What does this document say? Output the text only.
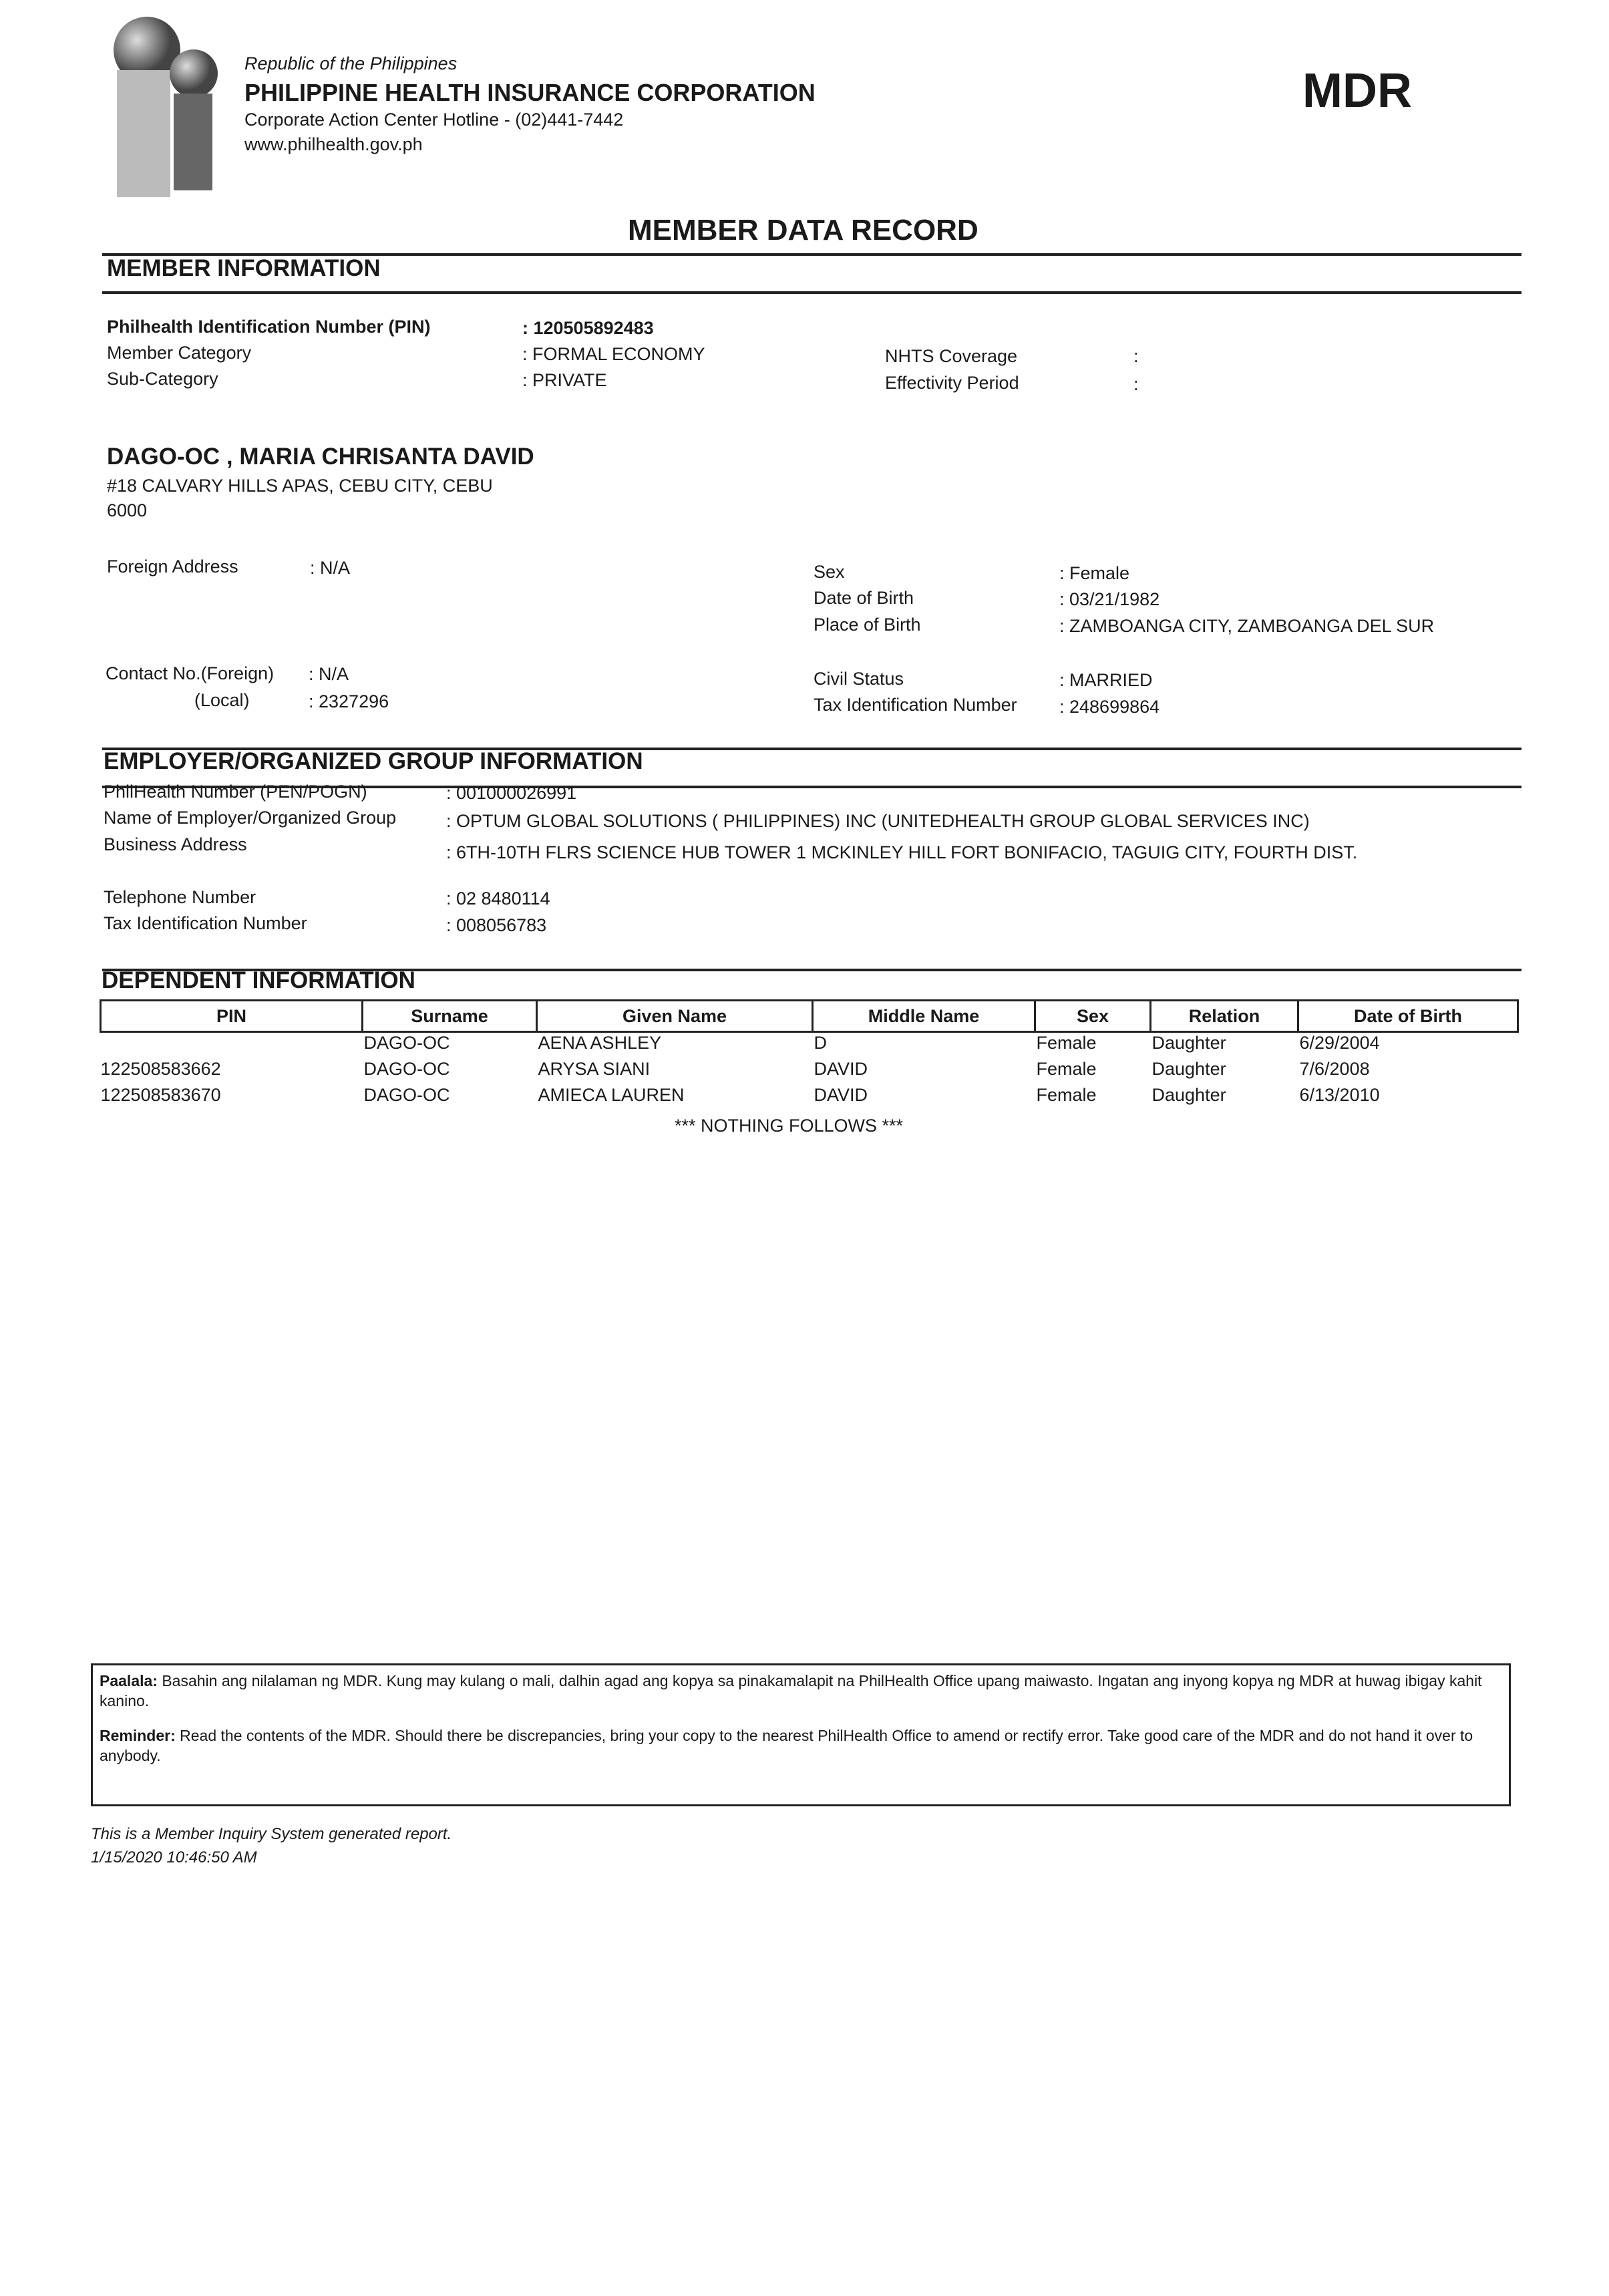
Republic of the Philippines
PHILIPPINE HEALTH INSURANCE CORPORATION
Corporate Action Center Hotline - (02)441-7442
www.philhealth.gov.ph
MDR
MEMBER DATA RECORD
MEMBER INFORMATION
Philhealth Identification Number (PIN)	: 120505892483
Member Category	: FORMAL ECONOMY
Sub-Category	: PRIVATE
NHTS Coverage	:
Effectivity Period	:
DAGO-OC , MARIA CHRISANTA DAVID
#18 CALVARY HILLS APAS, CEBU CITY, CEBU
6000
Foreign Address	: N/A	Sex	: Female
Date of Birth	: 03/21/1982
Place of Birth	: ZAMBOANGA CITY, ZAMBOANGA DEL SUR
Contact No.(Foreign) : N/A
(Local)	: 2327296
Civil Status	: MARRIED
Tax Identification Number : 248699864
EMPLOYER/ORGANIZED GROUP INFORMATION
PhilHealth Number (PEN/POGN)	: 001000026991
Name of Employer/Organized Group	: OPTUM GLOBAL SOLUTIONS ( PHILIPPINES) INC (UNITEDHEALTH GROUP GLOBAL SERVICES INC)
Business Address	: 6TH-10TH FLRS SCIENCE HUB TOWER 1 MCKINLEY HILL FORT BONIFACIO, TAGUIG CITY, FOURTH DIST.
Telephone Number	: 02 8480114
Tax Identification Number	: 008056783
DEPENDENT INFORMATION
PIN	Surname	Given Name	Middle Name	Sex	Relation	Date of Birth
	DAGO-OC	AENA ASHLEY	D	Female	Daughter	6/29/2004
122508583662	DAGO-OC	ARYSA SIANI	DAVID	Female	Daughter	7/6/2008
122508583670	DAGO-OC	AMIECA LAUREN	DAVID	Female	Daughter	6/13/2010
*** NOTHING FOLLOWS ***

Paalala: Basahin ang nilalaman ng MDR. Kung may kulang o mali, dalhin agad ang kopya sa pinakamalapit na PhilHealth Office upang maiwasto. Ingatan ang inyong kopya ng MDR at huwag ibigay kahit kanino.

Reminder: Read the contents of the MDR. Should there be discrepancies, bring your copy to the nearest PhilHealth Office to amend or rectify error. Take good care of the MDR and do not hand it over to anybody.

This is a Member Inquiry System generated report.
1/15/2020 10:46:50 AM
